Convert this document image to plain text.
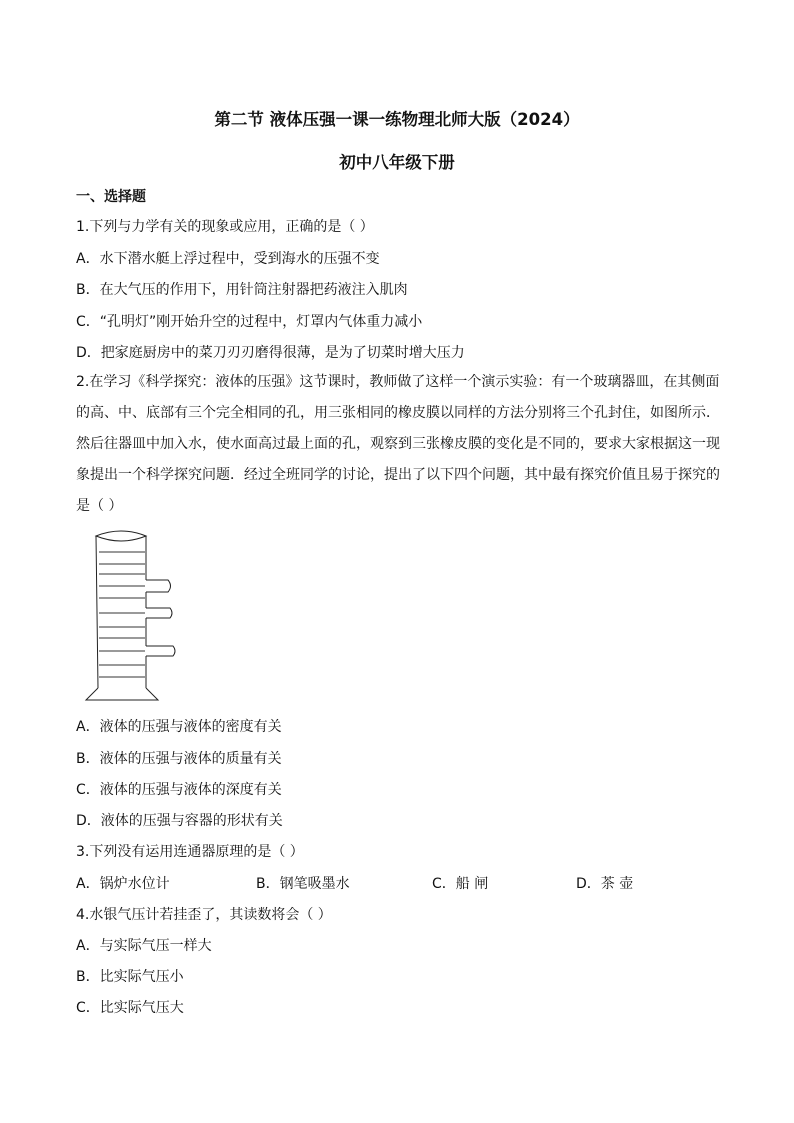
第二节 液体压强一课一练物理北师大版（2024）
初中八年级下册
一、选择题
1.下列与力学有关的现象或应用，正确的是（ ）
A．水下潜水艇上浮过程中，受到海水的压强不变
B．在大气压的作用下，用针筒注射器把药液注入肌肉
C．“孔明灯”刚开始升空的过程中，灯罩内气体重力减小
D．把家庭厨房中的菜刀刃刃磨得很薄，是为了切菜时增大压力
2.在学习《科学探究：液体的压强》这节课时，教师做了这样一个演示实验：有一个玻璃器皿，在其侧面的高、中、底部有三个完全相同的孔，用三张相同的橡皮膜以同样的方法分别将三个孔封住，如图所示．然后往器皿中加入水，使水面高过最上面的孔，观察到三张橡皮膜的变化是不同的，要求大家根据这一现象提出一个科学探究问题．经过全班同学的讨论，提出了以下四个问题，其中最有探究价值且易于探究的是（ ）
A．液体的压强与液体的密度有关
B．液体的压强与液体的质量有关
C．液体的压强与液体的深度有关
D．液体的压强与容器的形状有关
3.下列没有运用连通器原理的是（ ）
A．锅炉水位计	B．钢笔吸墨水	C．船 闸	D．茶 壶
4.水银气压计若挂歪了，其读数将会（ ）
A．与实际气压一样大
B．比实际气压小
C．比实际气压大
